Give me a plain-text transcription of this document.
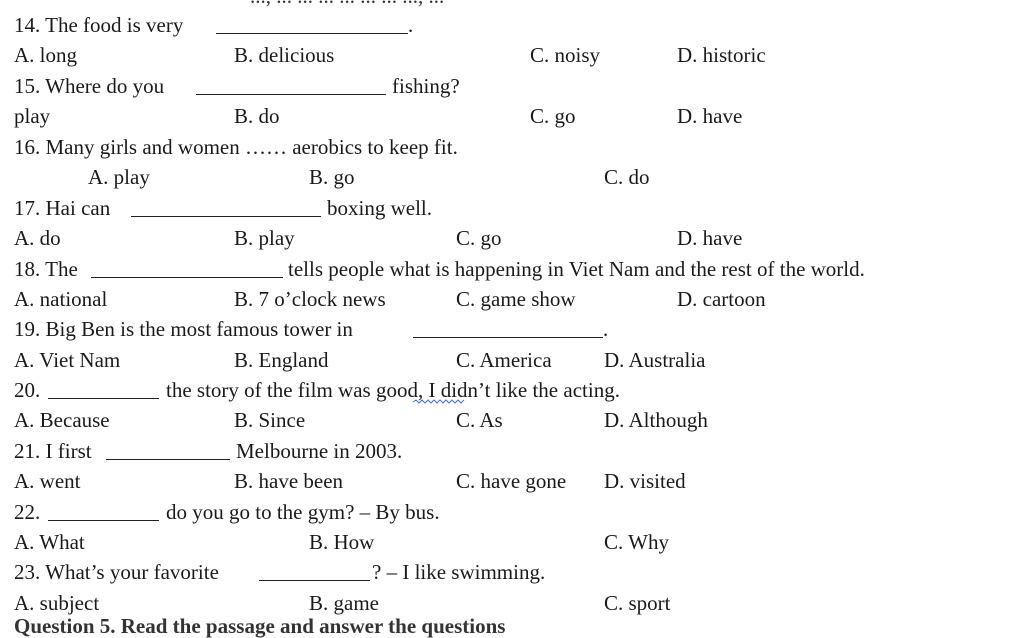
14. The food is very	.
A. long	B. delicious	C. noisy	D. historic
15. Where do you	fishing?
play	B. do	C. go	D. have
16. Many girls and women …… aerobics to keep fit.
A. play	B. go	C. do
17. Hai can	boxing well.
A. do	B. play	C. go	D. have
18. The	tells people what is happening in Viet Nam and the rest of the world.
A. national	B. 7 o’clock news	C. game show	D. cartoon
19. Big Ben is the most famous tower in	.
A. Viet Nam	B. England	C. America D. Australia
20.	the story of the film was good, I didn’t like the acting.
A. Because	B. Since	C. As	D. Although
21. I first	Melbourne in 2003.
A. went	B. have been	C. have gone D. visited
22.	do you go to the gym? – By bus.
A. What	B. How	C. Why
23. What’s your favorite	? – I like swimming.
A. subject	B. game	C. sport
Question 5. Read the passage and answer the questions
